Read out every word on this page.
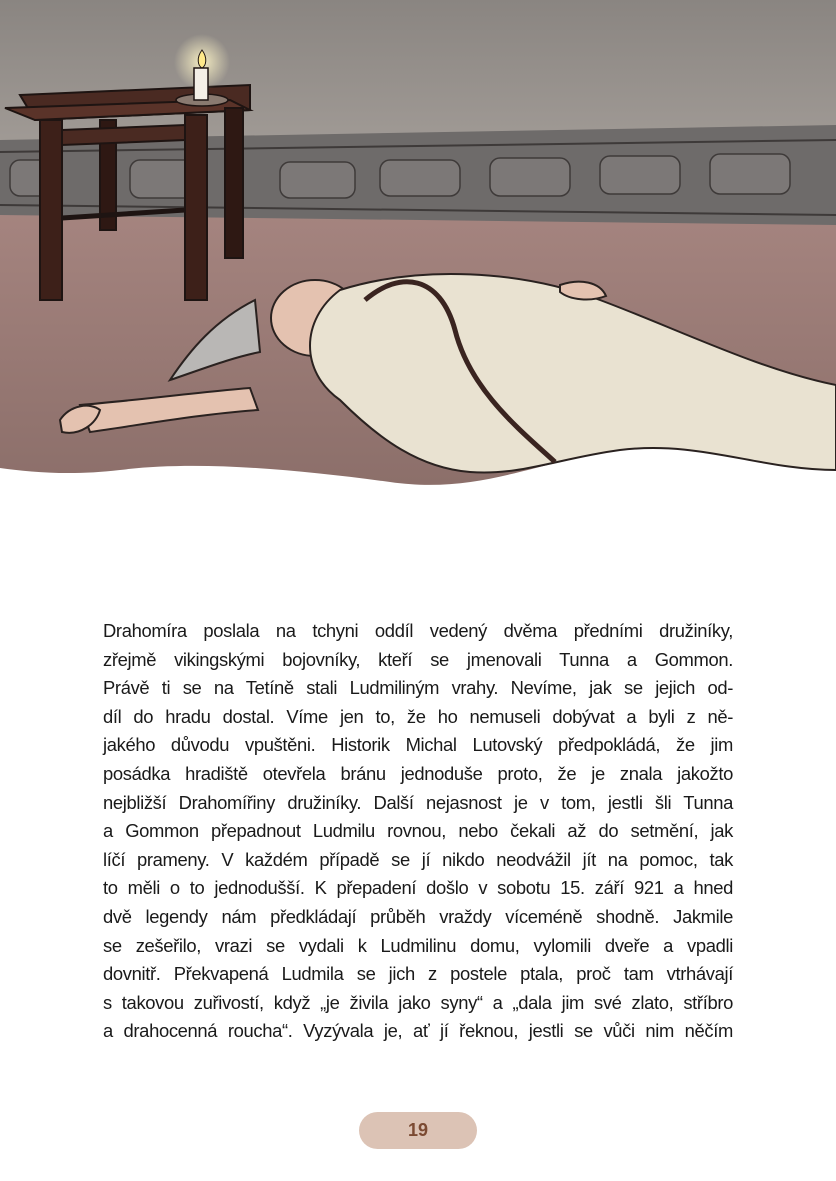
Drahomíra poslala na tchyni oddíl vedený dvěma předními družiníky,
zřejmě vikingskými bojovníky, kteří se jmenovali Tunna a Gommon.
Právě ti se na Tetíně stali Ludmiliným vrahy. Nevíme, jak se jejich od-
díl do hradu dostal. Víme jen to, že ho nemuseli dobývat a byli z ně-
jakého důvodu vpuštěni. Historik Michal Lutovský předpokládá, že jim
posádka hradiště otevřela bránu jednoduše proto, že je znala jakožto
nejbližší Drahomířiny družiníky. Další nejasnost je v tom, jestli šli Tunna
a Gommon přepadnout Ludmilu rovnou, nebo čekali až do setmění, jak
líčí prameny. V každém případě se jí nikdo neodvážil jít na pomoc, tak
to měli o to jednodušší. K přepadení došlo v sobotu 15. září 921 a hned
dvě legendy nám předkládají průběh vraždy víceméně shodně. Jakmile
se zešeřilo, vrazi se vydali k Ludmilinu domu, vylomili dveře a vpadli
dovnitř. Překvapená Ludmila se jich z postele ptala, proč tam vtrhávají
s takovou zuřivostí, když „je živila jako syny“ a „dala jim své zlato, stříbro
a drahocenná roucha“. Vyzývala je, ať jí řeknou, jestli se vůči nim něčím

19
